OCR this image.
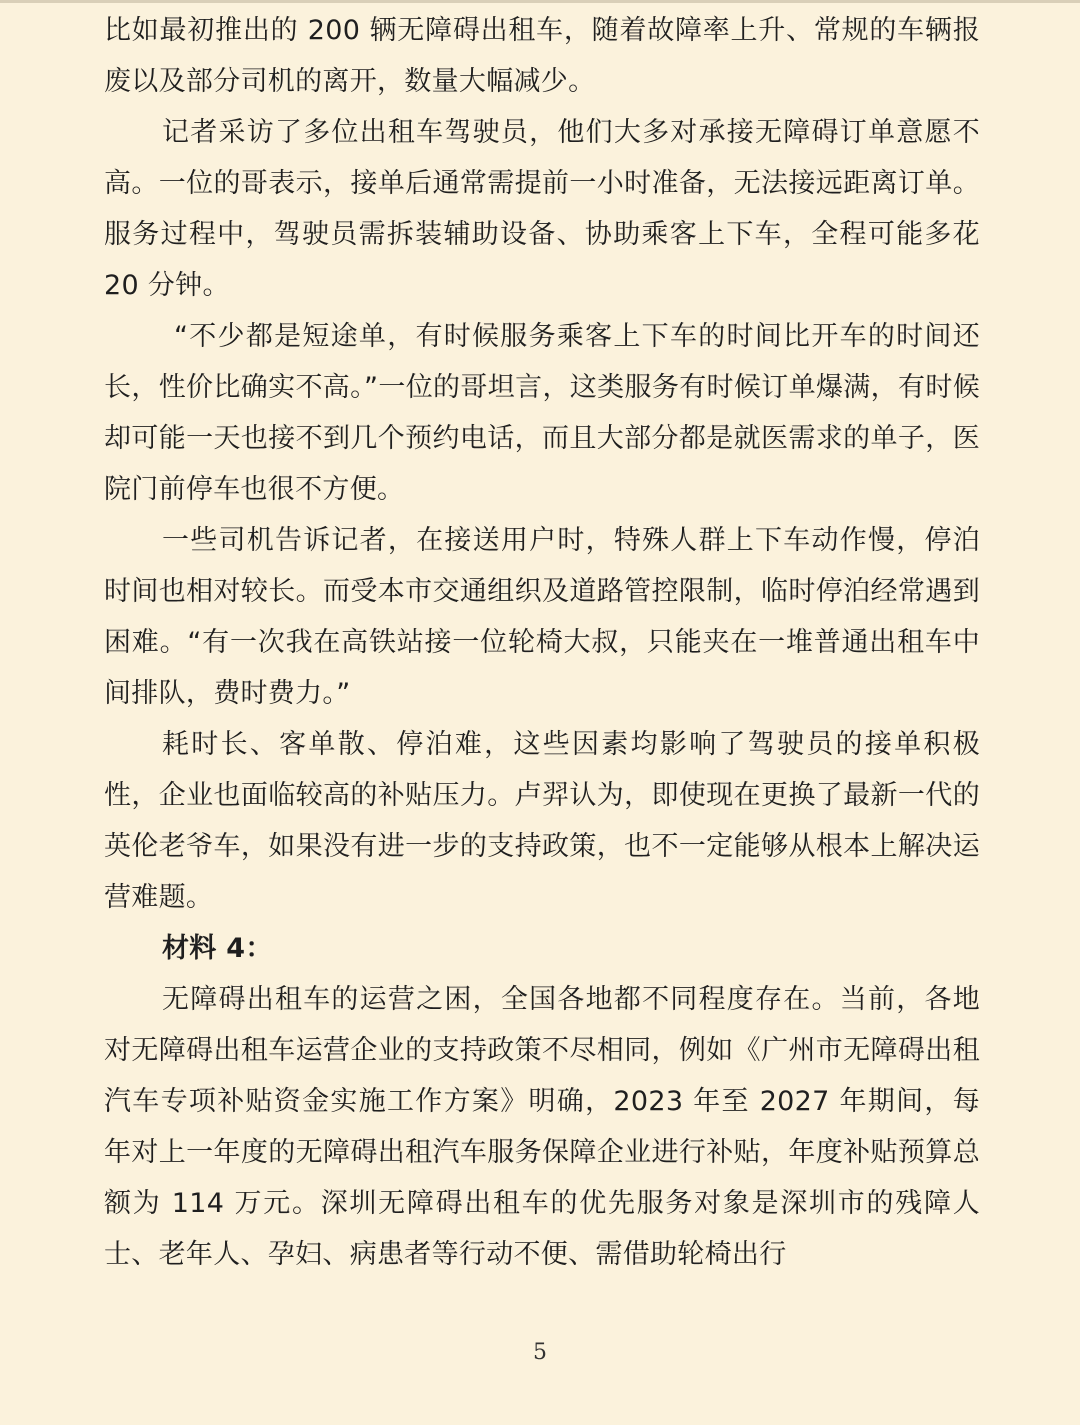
比如最初推出的 200 辆无障碍出租车，随着故障率上升、常规的车辆报废以及部分司机的离开，数量大幅减少。

记者采访了多位出租车驾驶员，他们大多对承接无障碍订单意愿不高。一位的哥表示，接单后通常需提前一小时准备，无法接远距离订单。服务过程中，驾驶员需拆装辅助设备、协助乘客上下车，全程可能多花 20 分钟。

“不少都是短途单，有时候服务乘客上下车的时间比开车的时间还长，性价比确实不高。”一位的哥坦言，这类服务有时候订单爆满，有时候却可能一天也接不到几个预约电话，而且大部分都是就医需求的单子，医院门前停车也很不方便。

一些司机告诉记者，在接送用户时，特殊人群上下车动作慢，停泊时间也相对较长。而受本市交通组织及道路管控限制，临时停泊经常遇到困难。“有一次我在高铁站接一位轮椅大叔，只能夹在一堆普通出租车中间排队，费时费力。”

耗时长、客单散、停泊难，这些因素均影响了驾驶员的接单积极性，企业也面临较高的补贴压力。卢羿认为，即使现在更换了最新一代的英伦老爷车，如果没有进一步的支持政策，也不一定能够从根本上解决运营难题。

材料 4：

无障碍出租车的运营之困，全国各地都不同程度存在。当前，各地对无障碍出租车运营企业的支持政策不尽相同，例如《广州市无障碍出租汽车专项补贴资金实施工作方案》明确，2023 年至 2027 年期间，每年对上一年度的无障碍出租汽车服务保障企业进行补贴，年度补贴预算总额为 114 万元。深圳无障碍出租车的优先服务对象是深圳市的残障人士、老年人、孕妇、病患者等行动不便、需借助轮椅出行

5
